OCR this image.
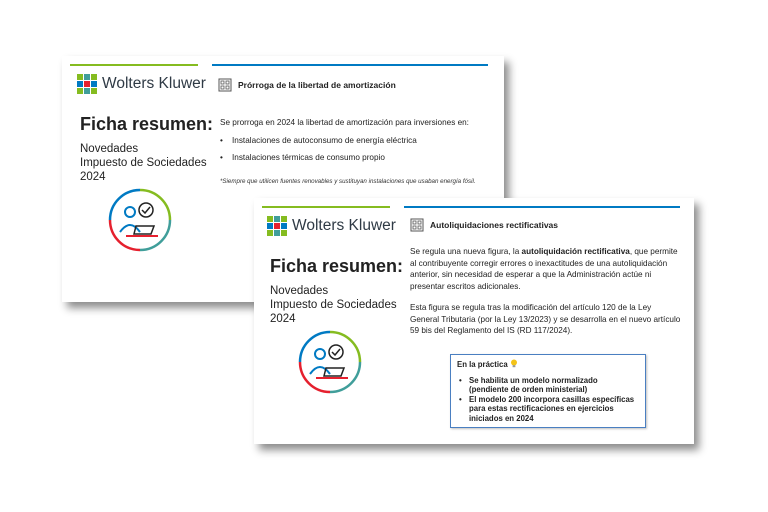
Wolters Kluwer
Ficha resumen:
Novedades
Impuesto de Sociedades
2024
Prórroga de la libertad de amortización

Se prorroga en 2024 la libertad de amortización para inversiones en:

• Instalaciones de autoconsumo de energía eléctrica
• Instalaciones térmicas de consumo propio
*Siempre que utilicen fuentes renovables y sustituyan instalaciones que usaban energía fósil.
Wolters Kluwer
Ficha resumen:
Novedades
Impuesto de Sociedades
2024
Autoliquidaciones rectificativas

Se regula una nueva figura, la autoliquidación rectificativa, que permite al contribuyente corregir errores o inexactitudes de una autoliquidación anterior, sin necesidad de esperar a que la Administración actúe ni presentar escritos adicionales.

Esta figura se regula tras la modificación del artículo 120 de la Ley General Tributaria (por la Ley 13/2023) y se desarrolla en el nuevo artículo 59 bis del Reglamento del IS (RD 117/2024).

En la práctica
• Se habilita un modelo normalizado (pendiente de orden ministerial)
• El modelo 200 incorpora casillas específicas para estas rectificaciones en ejercicios iniciados en 2024
